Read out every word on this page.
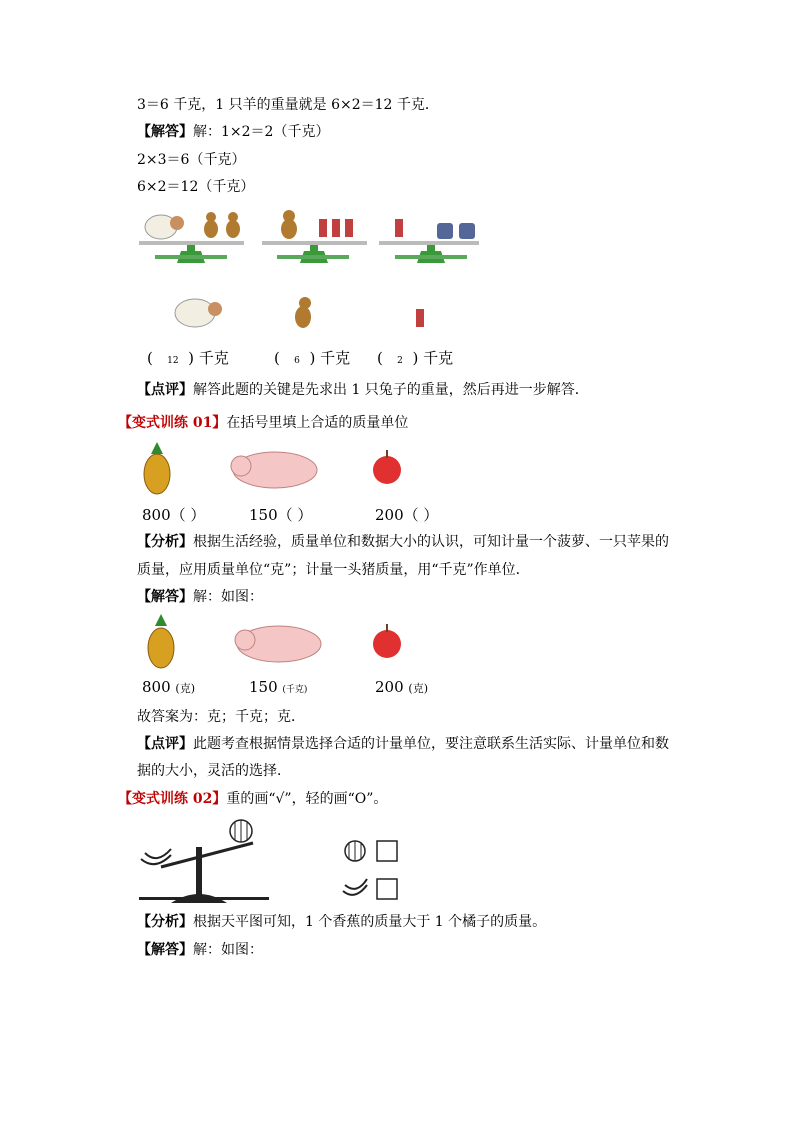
3＝6 千克，1 只羊的重量就是 6×2＝12 千克．
【解答】解：1×2＝2（千克）
2×3＝6（千克）
6×2＝12（千克）
( 12 ) 千克	( 6 ) 千克 ( 2 ) 千克
【点评】解答此题的关键是先求出 1 只兔子的重量，然后再进一步解答．
【变式训练 01】在括号里填上合适的质量单位
800（ ）	150（ ）	200（ ）
【分析】根据生活经验，质量单位和数据大小的认识，可知计量一个菠萝、一只苹果的
质量，应用质量单位“克”；计量一头猪质量，用“千克”作单位．
【解答】解：如图：
800 (克)	150 (千克)	200 (克)
故答案为：克；千克；克．
【点评】此题考查根据情景选择合适的计量单位，要注意联系生活实际、计量单位和数
据的大小，灵活的选择．
【变式训练 02】重的画“√”，轻的画“O”。
【分析】根据天平图可知，1 个香蕉的质量大于 1 个橘子的质量。
【解答】解：如图：
